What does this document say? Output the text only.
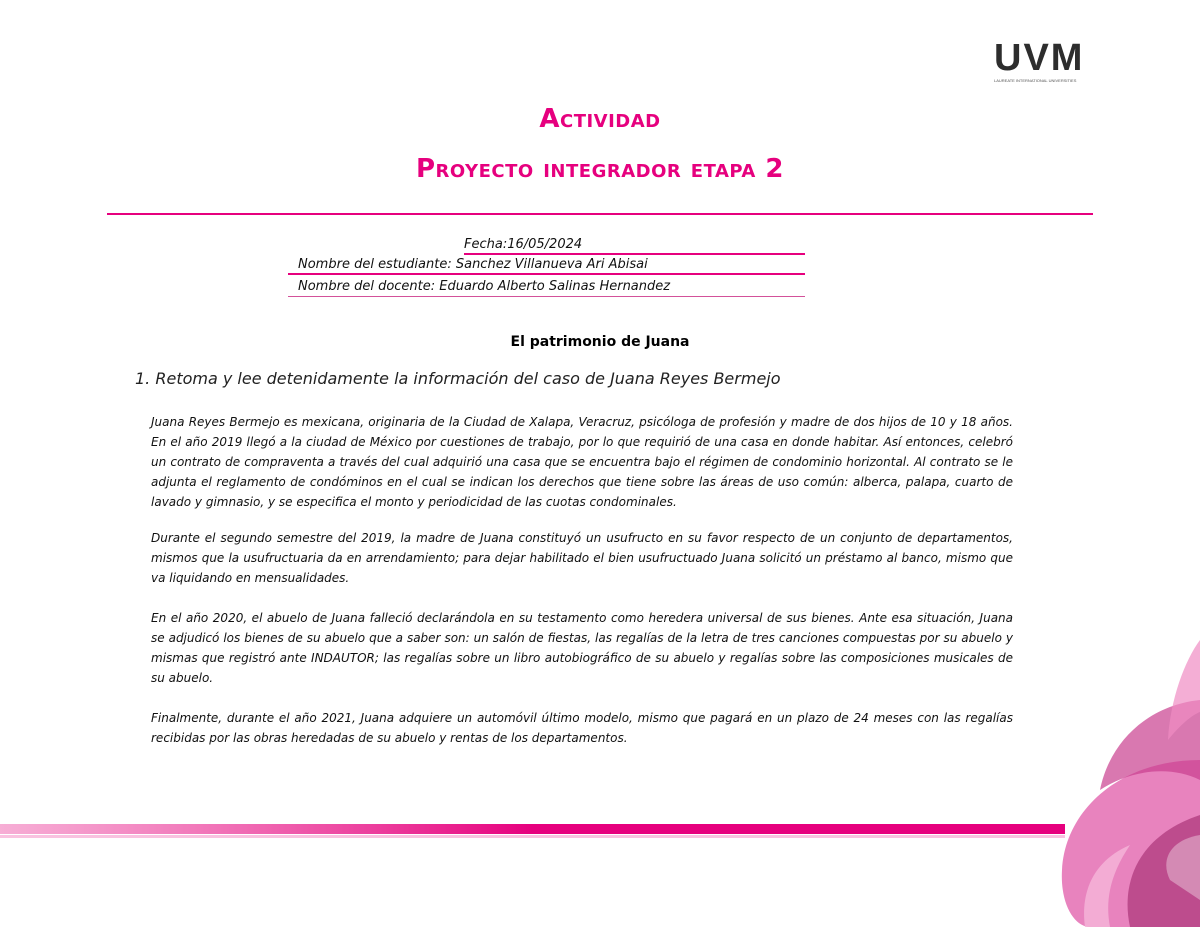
UVM
LAUREATE INTERNATIONAL UNIVERSITIES
Actividad
Proyecto integrador etapa 2
Fecha:16/05/2024
Nombre del estudiante: Sanchez Villanueva Ari Abisai
Nombre del docente: Eduardo Alberto Salinas Hernandez
El patrimonio de Juana
1. Retoma y lee detenidamente la información del caso de Juana Reyes Bermejo

Juana Reyes Bermejo es mexicana, originaria de la Ciudad de Xalapa, Veracruz, psicóloga de profesión y madre de dos hijos de 10 y 18 años. En el año 2019 llegó a la ciudad de México por cuestiones de trabajo, por lo que requirió de una casa en donde habitar. Así entonces, celebró un contrato de compraventa a través del cual adquirió una casa que se encuentra bajo el régimen de condominio horizontal. Al contrato se le adjunta el reglamento de condóminos en el cual se indican los derechos que tiene sobre las áreas de uso común: alberca, palapa, cuarto de lavado y gimnasio, y se especifica el monto y periodicidad de las cuotas condominales.

Durante el segundo semestre del 2019, la madre de Juana constituyó un usufructo en su favor respecto de un conjunto de departamentos, mismos que la usufructuaria da en arrendamiento; para dejar habilitado el bien usufructuado Juana solicitó un préstamo al banco, mismo que va liquidando en mensualidades.

En el año 2020, el abuelo de Juana falleció declarándola en su testamento como heredera universal de sus bienes. Ante esa situación, Juana se adjudicó los bienes de su abuelo que a saber son: un salón de fiestas, las regalías de la letra de tres canciones compuestas por su abuelo y mismas que registró ante INDAUTOR; las regalías sobre un libro autobiográfico de su abuelo y regalías sobre las composiciones musicales de su abuelo.

Finalmente, durante el año 2021, Juana adquiere un automóvil último modelo, mismo que pagará en un plazo de 24 meses con las regalías recibidas por las obras heredadas de su abuelo y rentas de los departamentos.
